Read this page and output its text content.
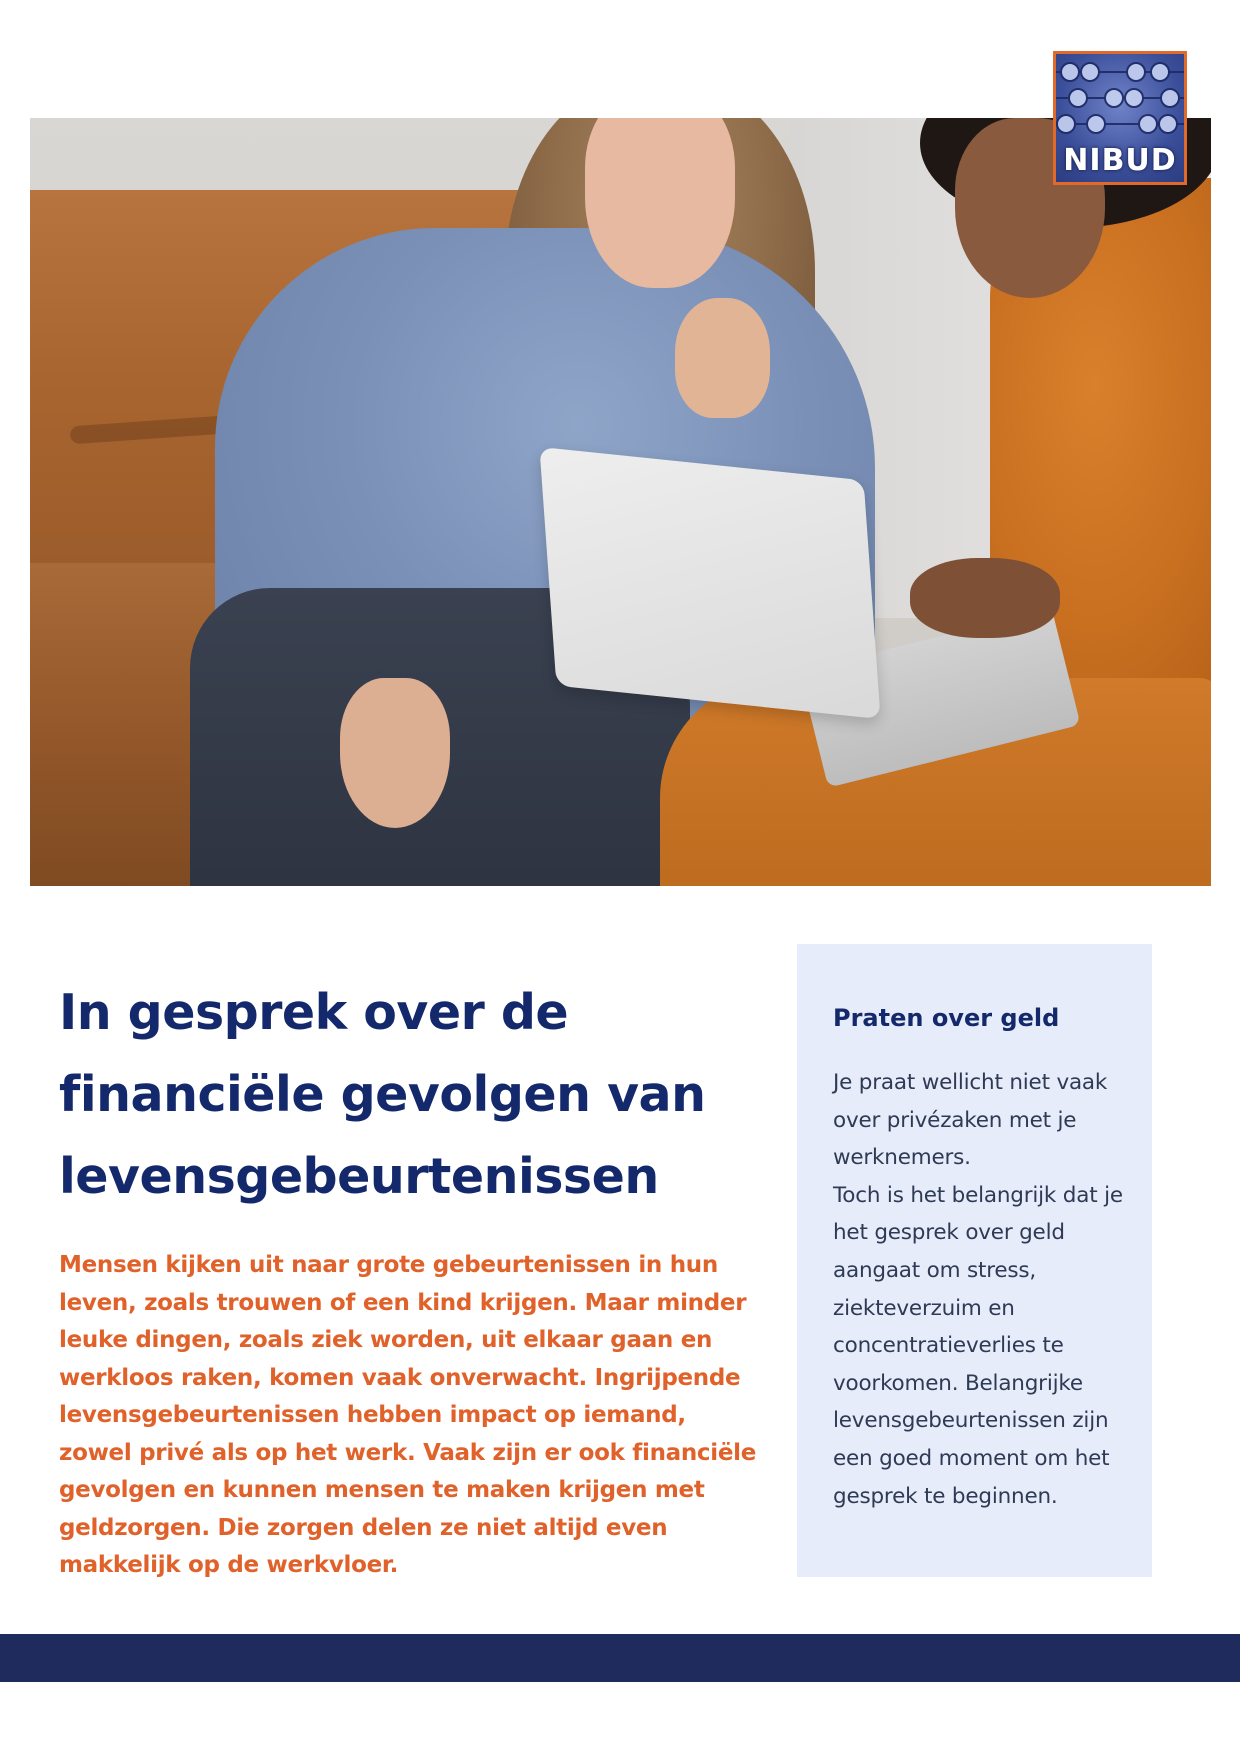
NIBUD
In gesprek over de
financiële gevolgen van
levensgebeurtenissen

Mensen kijken uit naar grote gebeurtenissen in hun leven, zoals trouwen of een kind krijgen. Maar minder leuke dingen, zoals ziek worden, uit elkaar gaan en werkloos raken, komen vaak onverwacht. Ingrijpende levensgebeurtenissen hebben impact op iemand, zowel privé als op het werk. Vaak zijn er ook financiële gevolgen en kunnen mensen te maken krijgen met geldzorgen. Die zorgen delen ze niet altijd even makkelijk op de werkvloer.

Praten over geld

Je praat wellicht niet vaak over privézaken met je werknemers.
Toch is het belangrijk dat je het gesprek over geld aangaat om stress, ziekteverzuim en concentratieverlies te voorkomen. Belangrijke levensgebeurtenissen zijn een goed moment om het gesprek te beginnen.
